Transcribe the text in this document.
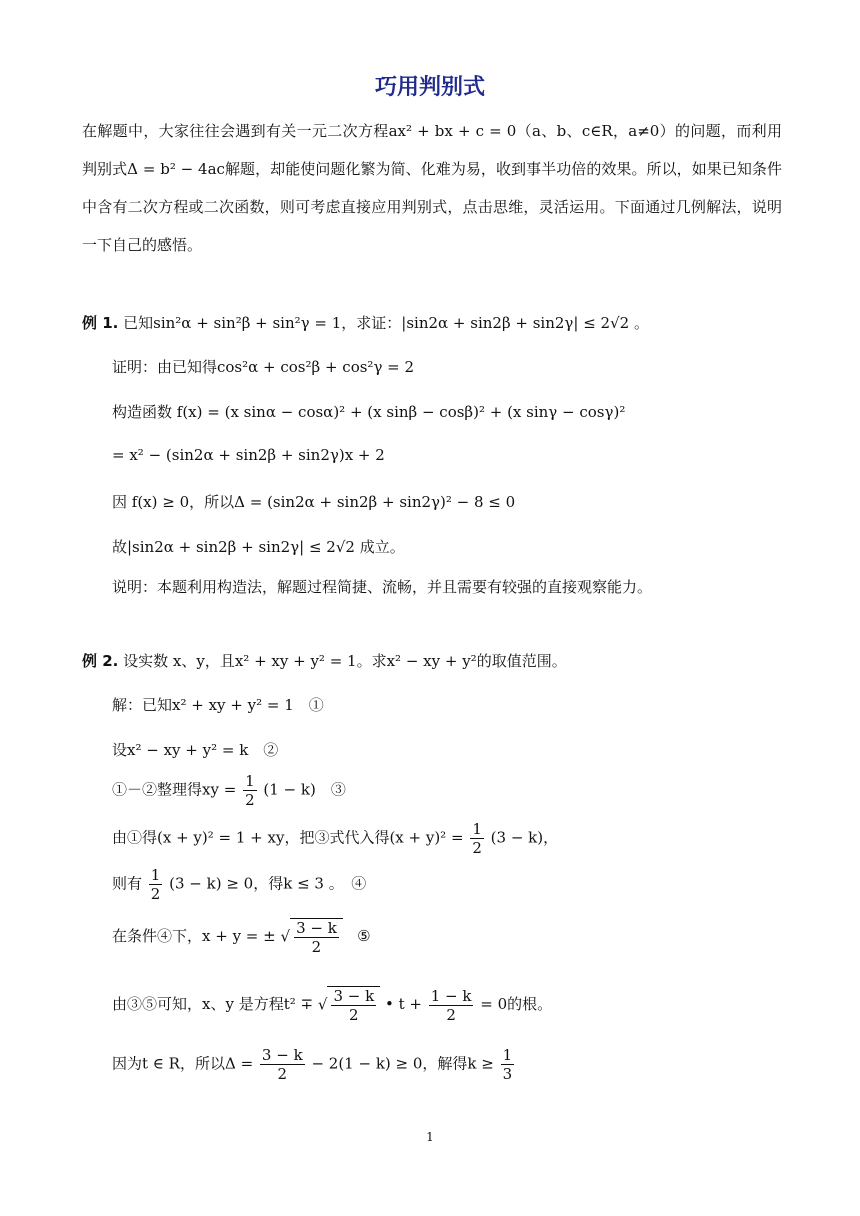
巧用判别式
在解题中，大家往往会遇到有关一元二次方程ax² + bx + c = 0（a、b、c∈R，a≠0）的问题，而利用判别式Δ = b² − 4ac解题，却能使问题化繁为简、化难为易，收到事半功倍的效果。所以，如果已知条件中含有二次方程或二次函数，则可考虑直接应用判别式，点击思维，灵活运用。下面通过几例解法，说明一下自己的感悟。
例 1. 已知sin²α + sin²β + sin²γ = 1，求证：|sin2α + sin2β + sin2γ| ≤ 2√2 。
证明：由已知得cos²α + cos²β + cos²γ = 2
构造函数 f(x) = (x sinα − cosα)² + (x sinβ − cosβ)² + (x sinγ − cosγ)²
= x² − (sin2α + sin2β + sin2γ)x + 2
因 f(x) ≥ 0，所以Δ = (sin2α + sin2β + sin2γ)² − 8 ≤ 0
故|sin2α + sin2β + sin2γ| ≤ 2√2 成立。
说明：本题利用构造法，解题过程简捷、流畅，并且需要有较强的直接观察能力。
例 2. 设实数 x、y，且x² + xy + y² = 1。求x² − xy + y²的取值范围。
解：已知x² + xy + y² = 1　①
设x² − xy + y² = k　②
①－②整理得xy = $\frac{1}{2} (1 - k)$　③
由①得(x + y)² = 1 + xy，把③式代入得$(x + y)^2 = \frac{1}{2} (3 - k)$，
则有 $\frac{1}{2} (3 - k) \ge 0$，得k ≤ 3 。　④
在条件④下，x + y = ± √ $\frac{3 - k}{2}$ ⑤
由③⑤可知，x、y 是方程t² ∓ √ $\frac{3 - k}{2}$ • $t + \frac{1 - k}{2} = 0$的根。
因为t ∈ R，所以$\Delta = \frac{3 - k}{2} - 2(1 - k) \ge 0$，解得$k \ge \frac{1}{3}$
1
